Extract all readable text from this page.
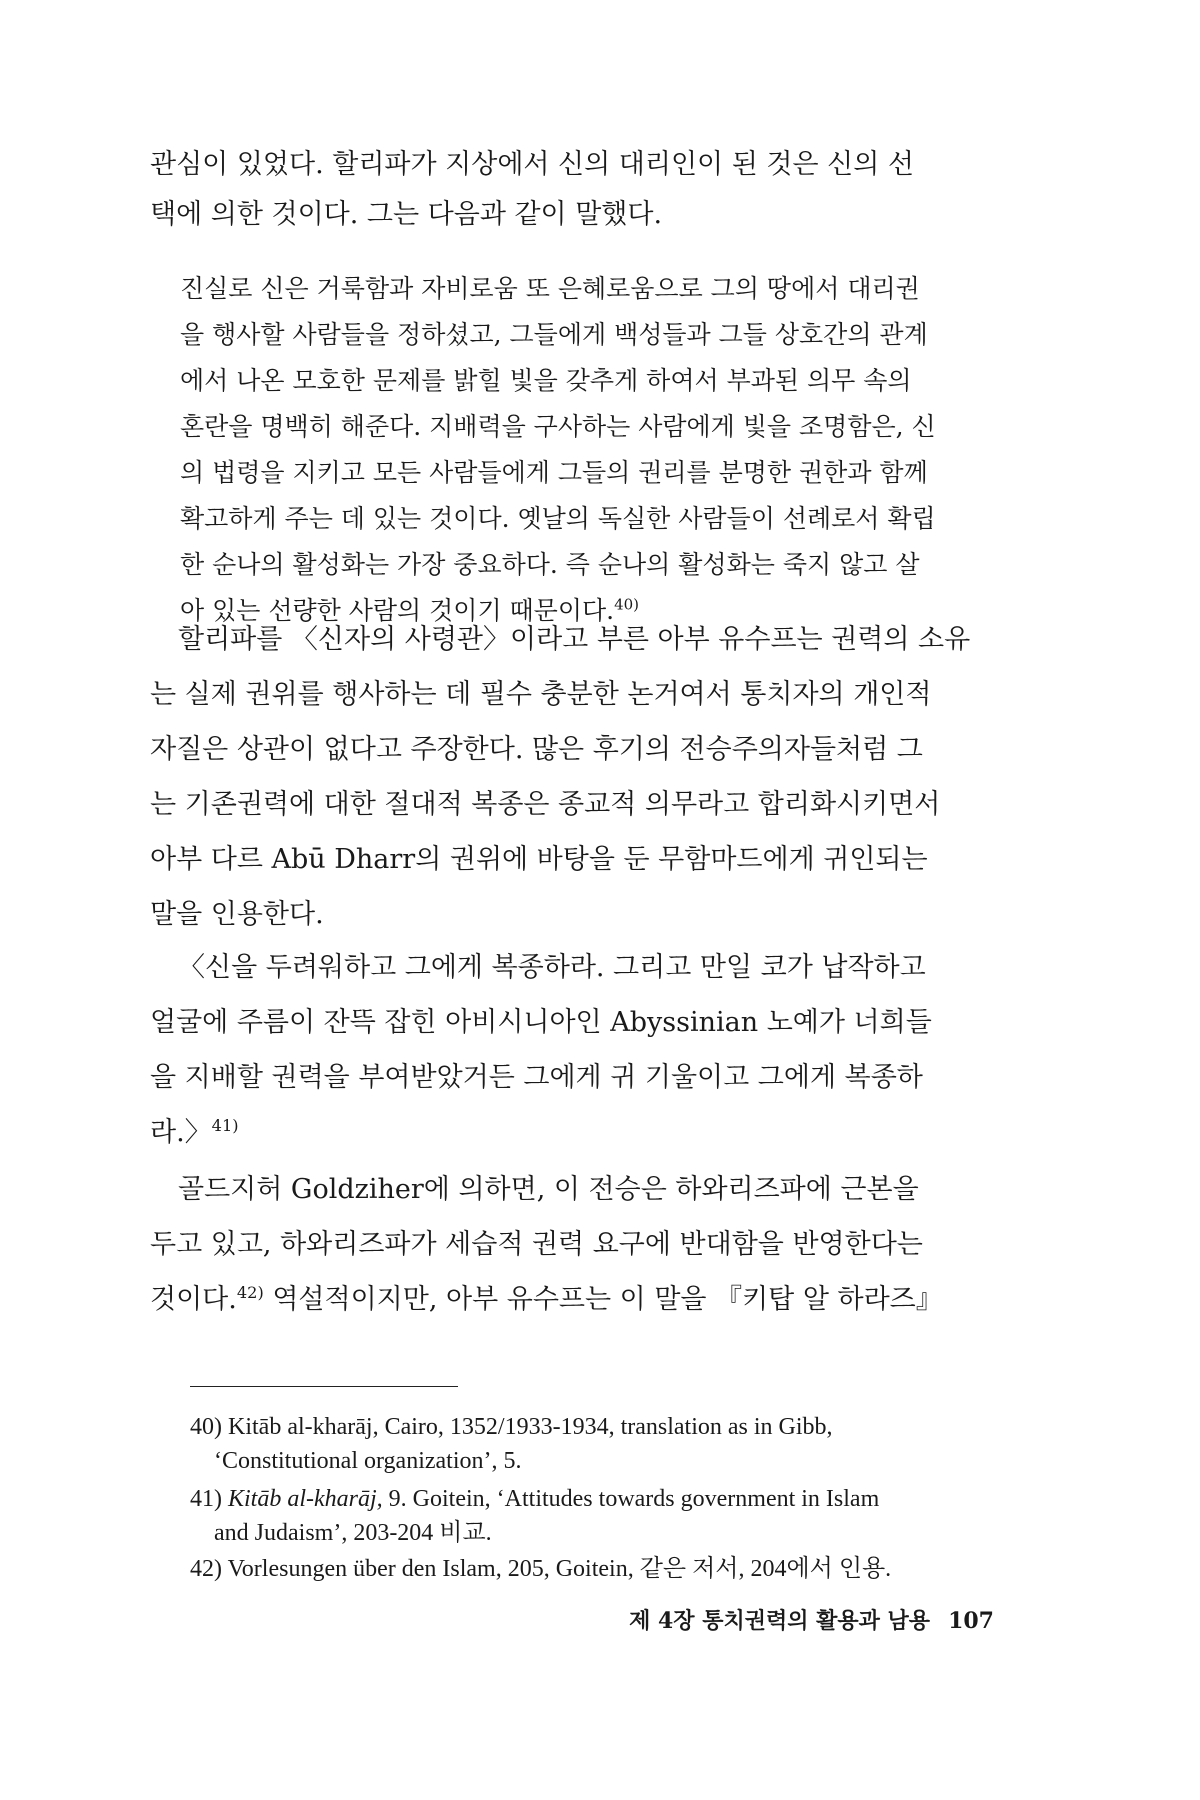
관심이 있었다. 할리파가 지상에서 신의 대리인이 된 것은 신의 선
택에 의한 것이다. 그는 다음과 같이 말했다.
진실로 신은 거룩함과 자비로움 또 은혜로움으로 그의 땅에서 대리권
을 행사할 사람들을 정하셨고, 그들에게 백성들과 그들 상호간의 관계
에서 나온 모호한 문제를 밝힐 빛을 갖추게 하여서 부과된 의무 속의
혼란을 명백히 해준다. 지배력을 구사하는 사람에게 빛을 조명함은, 신
의 법령을 지키고 모든 사람들에게 그들의 권리를 분명한 권한과 함께
확고하게 주는 데 있는 것이다. 옛날의 독실한 사람들이 선례로서 확립
한 순나의 활성화는 가장 중요하다. 즉 순나의 활성화는 죽지 않고 살
아 있는 선량한 사람의 것이기 때문이다.$^{40)}$
할리파를 〈신자의 사령관〉이라고 부른 아부 유수프는 권력의 소유
는 실제 권위를 행사하는 데 필수 충분한 논거여서 통치자의 개인적
자질은 상관이 없다고 주장한다. 많은 후기의 전승주의자들처럼 그
는 기존권력에 대한 절대적 복종은 종교적 의무라고 합리화시키면서
아부 다르 Abū Dharr의 권위에 바탕을 둔 무함마드에게 귀인되는
말을 인용한다.
〈신을 두려워하고 그에게 복종하라. 그리고 만일 코가 납작하고
얼굴에 주름이 잔뜩 잡힌 아비시니아인 Abyssinian 노예가 너희들
을 지배할 권력을 부여받았거든 그에게 귀 기울이고 그에게 복종하
라.〉$^{41)}$
골드지허 Goldziher에 의하면, 이 전승은 하와리즈파에 근본을
두고 있고, 하와리즈파가 세습적 권력 요구에 반대함을 반영한다는
것이다.$^{42)}$ 역설적이지만, 아부 유수프는 이 말을 『키탑 알 하라즈』
40) Kitāb al-kharāj, Cairo, 1352/1933-1934, translation as in Gibb,
‘Constitutional organization’, 5.
41) Kitāb al-kharāj, 9. Goitein, ‘Attitudes towards government in Islam
and Judaism’, 203-204 비교.
42) Vorlesungen über den Islam, 205, Goitein, 같은 저서, 204에서 인용.
제 4장 통치권력의 활용과 남용 107
